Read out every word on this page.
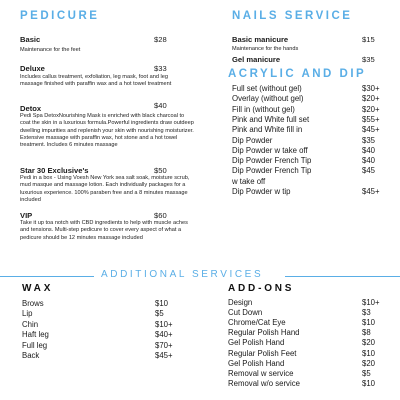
PEDICURE
Basic	$28
Maintenance for the feet
Deluxe	$33
Includes callus treatment, exfoliation, leg mask, foot and leg massage finished with paraffin wax and a hot towel treatment
Detox	$40
Pedi Spa DetoxNourishing Mask is enriched with black charcoal to coat the skin in a luxurious formula.Powerful ingredients draw outdeep dwelling impurities and replenish your skin with nourishing moisturizer. Extensive massage with paraffin wax, hot stone and a hot towel treatment. Includes 6 minutes massage
Star 30 Exclusive's	$50
Pedi in a box - Using Voesh New York sea salt soak, moisture scrub, mud masque and massage lotion. Each individually packages for a luxurious experience. 100% paraben free and a 8 minutes massage included
VIP	$60
Take it up toa notch with CBD ingredients to help with muscle aches and tensions. Multi-step pedicure to cover every aspect of what a pedicure should be 12 minutes massage included
NAILS SERVICE
Basic manicure	$15
Maintenance for the hands
Gel manicure	$35
ACRYLIC AND DIP
Full set (without gel)	$30+
Overlay (without gel)	$20+
Fill in (without gel)	$20+
Pink and White full set	$55+
Pink and White fill in	$45+
Dip Powder	$35
Dip Powder w take off	$40
Dip Powder French Tip	$40
Dip Powder French Tip	$45
w take off
Dip Powder w tip	$45+
ADDITIONAL SERVICES
WAX
Brows	$10
Lip	$5
Chin	$10+
Haft leg	$40+
Full leg	$70+
Back	$45+
ADD-ONS
Design	$10+
Cut Down	$3
Chrome/Cat Eye	$10
Regular Polish Hand	$8
Gel Polish Hand	$20
Regular Polish Feet	$10
Gel Polish Hand	$20
Removal w service	$5
Removal w/o service	$10
